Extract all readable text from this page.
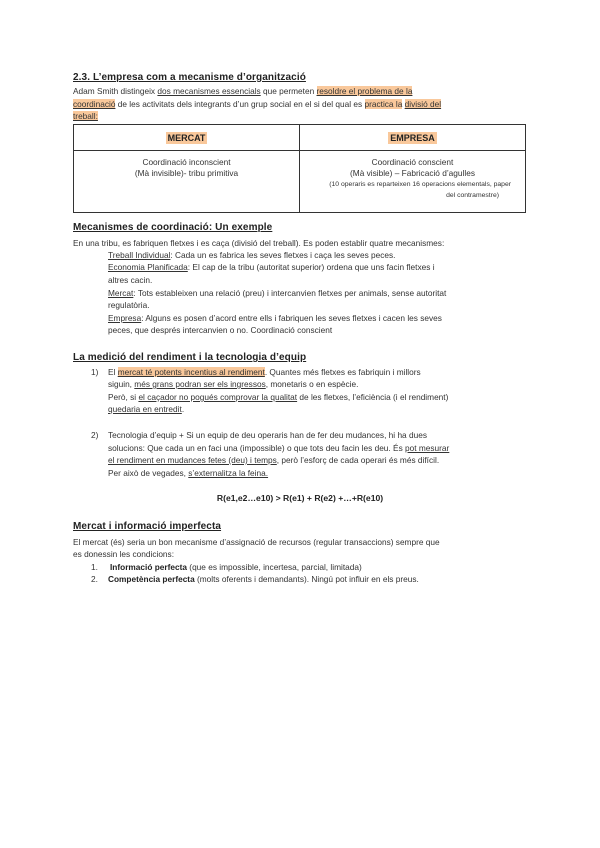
2.3. L’empresa com a mecanisme d’organització
Adam Smith distingeix dos mecanismes essencials que permeten resoldre el problema de la
coordinació de les activitats dels integrants d’un grup social en el si del qual es practica la divisió del
treball:
MERCAT	EMPRESA

Coordinació inconscient
(Mà invisible)- tribu primitiva	Coordinació conscient
(Mà visible) – Fabricació d’agulles
(10 operaris es reparteixen 16 operacions elementals, paper
del contramestre)
Mecanismes de coordinació: Un exemple
En una tribu, es fabriquen fletxes i es caça (divisió del treball). Es poden establir quatre mecanismes:
Treball Individual: Cada un es fabrica les seves fletxes i caça les seves peces.
Economia Planificada: El cap de la tribu (autoritat superior) ordena que uns facin fletxes i
altres cacin.
Mercat: Tots estableixen una relació (preu) i intercanvien fletxes per animals, sense autoritat
regulatòria.
Empresa: Alguns es posen d’acord entre ells i fabriquen les seves fletxes i cacen les seves
peces, que després intercanvien o no. Coordinació conscient
La medició del rendiment i la tecnologia d’equip
1) El mercat té potents incentius al rendiment. Quantes més fletxes es fabriquin i millors
siguin, més grans podran ser els ingressos, monetaris o en espècie.
Però, si el caçador no pogués comprovar la qualitat de les fletxes, l’eficiència (i el rendiment)
quedaria en entredit.
2) Tecnologia d’equip + Si un equip de deu operaris han de fer deu mudances, hi ha dues
solucions: Que cada un en faci una (impossible) o que tots deu facin les deu. És pot mesurar
el rendiment en mudances fetes (deu) i temps, però l’esforç de cada operari és més difícil.
Per això de vegades, s’externalitza la feina.
R(e1,e2…e10) > R(e1) + R(e2) +…+R(e10)
Mercat i informació imperfecta
El mercat (és) seria un bon mecanisme d’assignació de recursos (regular transaccions) sempre que
es donessin les condicions:
1. Informació perfecta (que es impossible, incertesa, parcial, limitada)
2. Competència perfecta (molts oferents i demandants). Ningú pot influir en els preus.
